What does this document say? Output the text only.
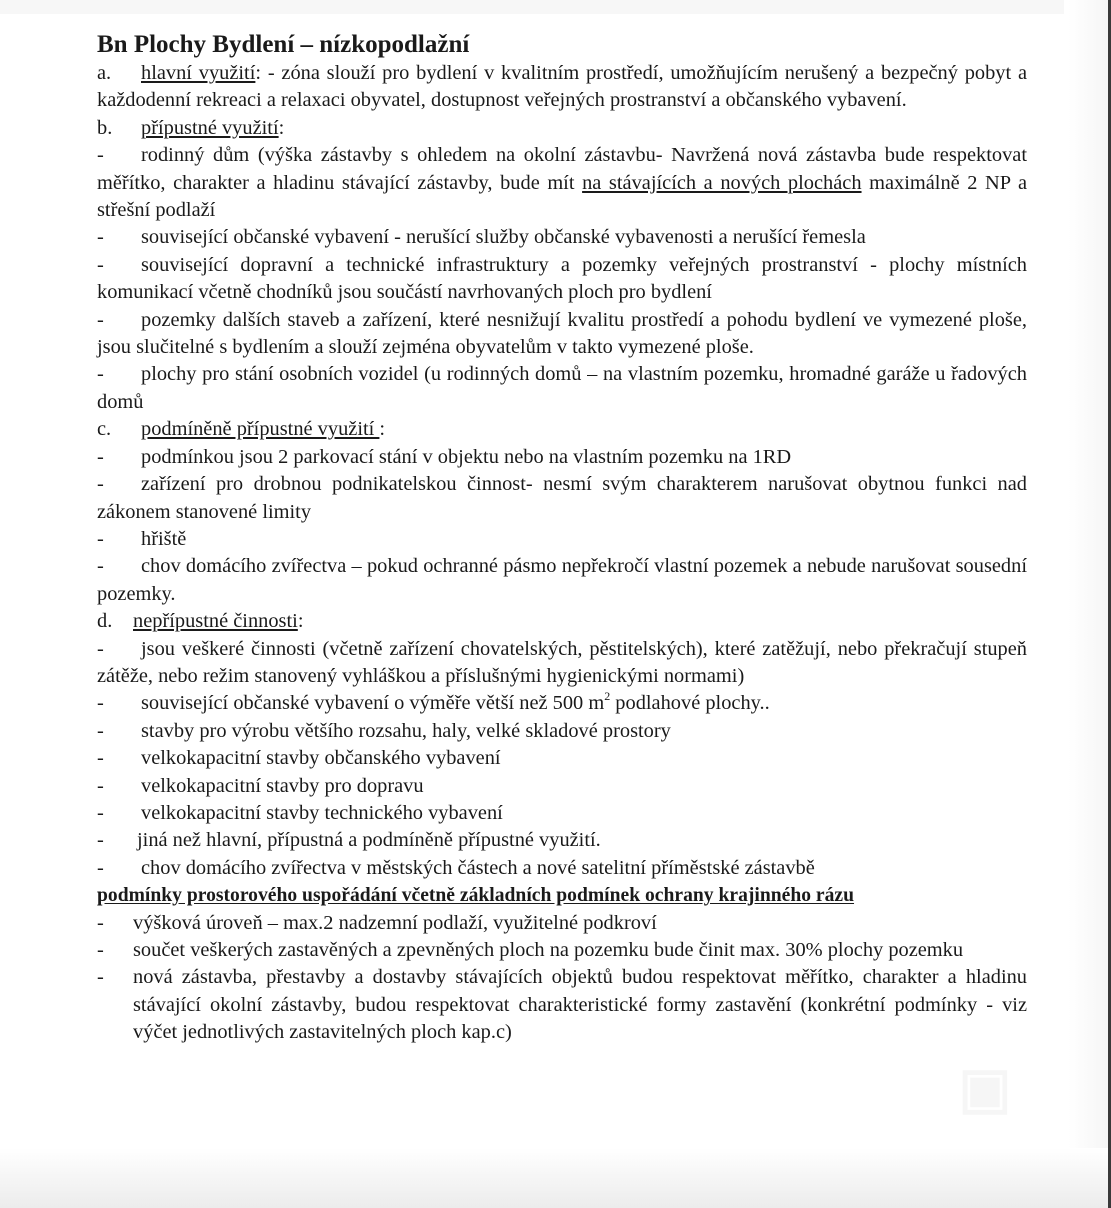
Bn Plochy Bydlení – nízkopodlažní

a. hlavní využití: - zóna slouží pro bydlení v kvalitním prostředí, umožňujícím nerušený a bezpečný pobyt a každodenní rekreaci a relaxaci obyvatel, dostupnost veřejných prostranství a občanského vybavení.

b. přípustné využití:

- rodinný dům (výška zástavby s ohledem na okolní zástavbu- Navržená nová zástavba bude respektovat měřítko, charakter a hladinu stávající zástavby, bude mít na stávajících a nových plochách maximálně 2 NP a střešní podlaží

- související občanské vybavení - nerušící služby občanské vybavenosti a nerušící řemesla

- související dopravní a technické infrastruktury a pozemky veřejných prostranství - plochy místních komunikací včetně chodníků jsou součástí navrhovaných ploch pro bydlení

- pozemky dalších staveb a zařízení, které nesnižují kvalitu prostředí a pohodu bydlení ve vymezené ploše, jsou slučitelné s bydlením a slouží zejména obyvatelům v takto vymezené ploše.

- plochy pro stání osobních vozidel (u rodinných domů – na vlastním pozemku, hromadné garáže u řadových domů

c. podmíněně přípustné využití :

- podmínkou jsou 2 parkovací stání v objektu nebo na vlastním pozemku na 1RD

- zařízení pro drobnou podnikatelskou činnost- nesmí svým charakterem narušovat obytnou funkci nad zákonem stanovené limity

- hřiště

- chov domácího zvířectva – pokud ochranné pásmo nepřekročí vlastní pozemek a nebude narušovat sousední pozemky.

d. nepřípustné činnosti:

- jsou veškeré činnosti (včetně zařízení chovatelských, pěstitelských), které zatěžují, nebo překračují stupeň zátěže, nebo režim stanovený vyhláškou a příslušnými hygienickými normami)

- související občanské vybavení o výměře větší než 500 $m^2$ podlahové plochy..

- stavby pro výrobu většího rozsahu, haly, velké skladové prostory

- velkokapacitní stavby občanského vybavení

- velkokapacitní stavby pro dopravu

- velkokapacitní stavby technického vybavení

- jiná než hlavní, přípustná a podmíněně přípustné využití.

- chov domácího zvířectva v městských částech a nové satelitní příměstské zástavbě

podmínky prostorového uspořádání včetně základních podmínek ochrany krajinného rázu

- výšková úroveň – max.2 nadzemní podlaží, využitelné podkroví

- součet veškerých zastavěných a zpevněných ploch na pozemku bude činit max. 30% plochy pozemku

- nová zástavba, přestavby a dostavby stávajících objektů budou respektovat měřítko, charakter a hladinu stávající okolní zástavby, budou respektovat charakteristické formy zastavění (konkrétní podmínky - viz výčet jednotlivých zastavitelných ploch kap.c)
